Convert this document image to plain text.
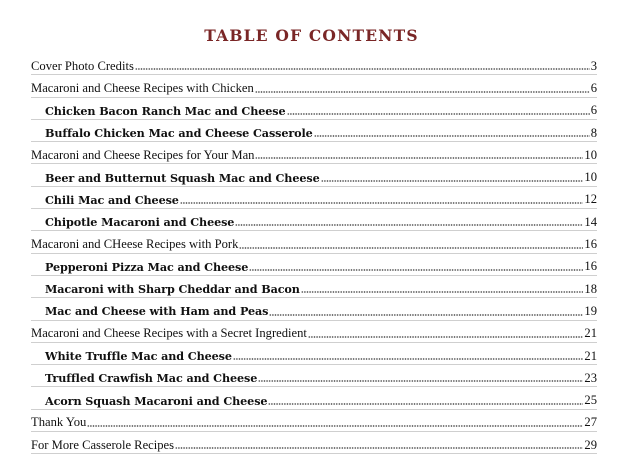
TABLE OF CONTENTS
Cover Photo Credits	3
Macaroni and Cheese Recipes with Chicken	6
Chicken Bacon Ranch Mac and Cheese	6
Buffalo Chicken Mac and Cheese Casserole	8
Macaroni and Cheese Recipes for Your Man	10
Beer and Butternut Squash Mac and Cheese	10
Chili Mac and Cheese	12
Chipotle Macaroni and Cheese	14
Macaroni and CHeese Recipes with Pork	16
Pepperoni Pizza Mac and Cheese	16
Macaroni with Sharp Cheddar and Bacon	18
Mac and Cheese with Ham and Peas	19
Macaroni and Cheese Recipes with a Secret Ingredient	21
White Truffle Mac and Cheese	21
Truffled Crawfish Mac and Cheese	23
Acorn Squash Macaroni and Cheese	25
Thank You	27
For More Casserole Recipes	29
